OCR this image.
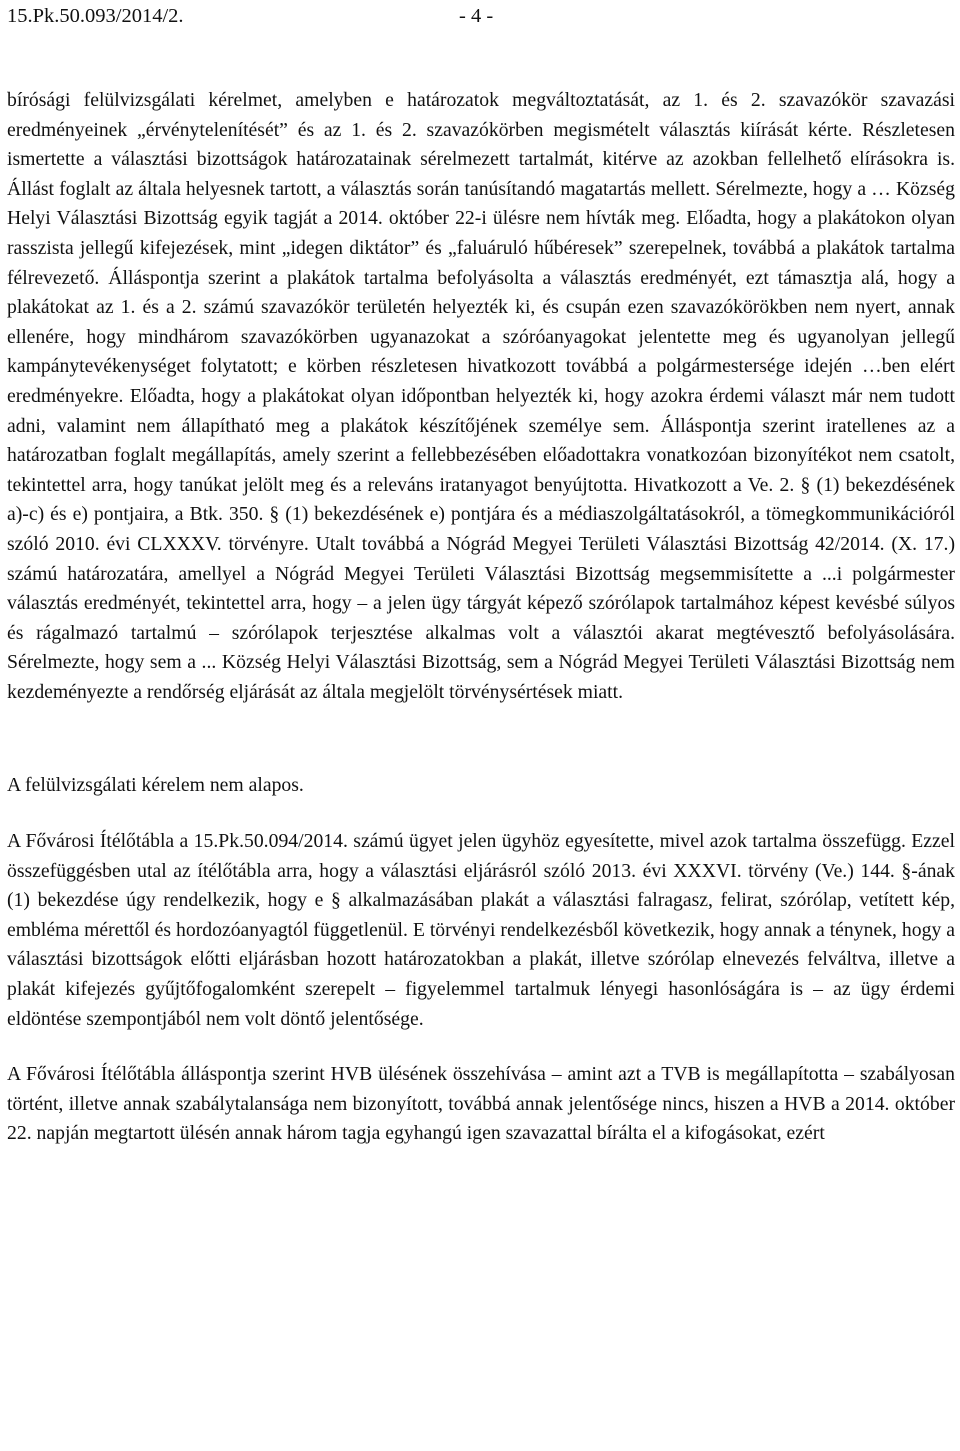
15.Pk.50.093/2014/2.	- 4 -

bírósági felülvizsgálati kérelmet, amelyben e határozatok megváltoztatását, az 1. és 2. szavazókör szavazási eredményeinek „érvénytelenítését” és az 1. és 2. szavazókörben megismételt választás kiírását kérte. Részletesen ismertette a választási bizottságok határozatainak sérelmezett tartalmát, kitérve az azokban fellelhető elírásokra is. Állást foglalt az általa helyesnek tartott, a választás során tanúsítandó magatartás mellett. Sérelmezte, hogy a … Község Helyi Választási Bizottság egyik tagját a 2014. október 22-i ülésre nem hívták meg. Előadta, hogy a plakátokon olyan rasszista jellegű kifejezések, mint „idegen diktátor” és „faluáruló hűbéresek” szerepelnek, továbbá a plakátok tartalma félrevezető. Álláspontja szerint a plakátok tartalma befolyásolta a választás eredményét, ezt támasztja alá, hogy a plakátokat az 1. és a 2. számú szavazókör területén helyezték ki, és csupán ezen szavazókörökben nem nyert, annak ellenére, hogy mindhárom szavazókörben ugyanazokat a szóróanyagokat jelentette meg és ugyanolyan jellegű kampánytevékenységet folytatott; e körben részletesen hivatkozott továbbá a polgármestersége idején …ben elért eredményekre. Előadta, hogy a plakátokat olyan időpontban helyezték ki, hogy azokra érdemi választ már nem tudott adni, valamint nem állapítható meg a plakátok készítőjének személye sem. Álláspontja szerint iratellenes az a határozatban foglalt megállapítás, amely szerint a fellebbezésében előadottakra vonatkozóan bizonyítékot nem csatolt, tekintettel arra, hogy tanúkat jelölt meg és a releváns iratanyagot benyújtotta. Hivatkozott a Ve. 2. § (1) bekezdésének a)-c) és e) pontjaira, a Btk. 350. § (1) bekezdésének e) pontjára és a médiaszolgáltatásokról, a tömegkommunikációról szóló 2010. évi CLXXXV. törvényre. Utalt továbbá a Nógrád Megyei Területi Választási Bizottság 42/2014. (X. 17.) számú határozatára, amellyel a Nógrád Megyei Területi Választási Bizottság megsemmisítette a ...i polgármester választás eredményét, tekintettel arra, hogy – a jelen ügy tárgyát képező szórólapok tartalmához képest kevésbé súlyos és rágalmazó tartalmú – szórólapok terjesztése alkalmas volt a választói akarat megtévesztő befolyásolására. Sérelmezte, hogy sem a ... Község Helyi Választási Bizottság, sem a Nógrád Megyei Területi Választási Bizottság nem kezdeményezte a rendőrség eljárását az általa megjelölt törvénysértések miatt.

A felülvizsgálati kérelem nem alapos.

A Fővárosi Ítélőtábla a 15.Pk.50.094/2014. számú ügyet jelen ügyhöz egyesítette, mivel azok tartalma összefügg. Ezzel összefüggésben utal az ítélőtábla arra, hogy a választási eljárásról szóló 2013. évi XXXVI. törvény (Ve.) 144. §-ának (1) bekezdése úgy rendelkezik, hogy e § alkalmazásában plakát a választási falragasz, felirat, szórólap, vetített kép, embléma mérettől és hordozóanyagtól függetlenül. E törvényi rendelkezésből következik, hogy annak a ténynek, hogy a választási bizottságok előtti eljárásban hozott határozatokban a plakát, illetve szórólap elnevezés felváltva, illetve a plakát kifejezés gyűjtőfogalomként szerepelt – figyelemmel tartalmuk lényegi hasonlóságára is – az ügy érdemi eldöntése szempontjából nem volt döntő jelentősége.

A Fővárosi Ítélőtábla álláspontja szerint HVB ülésének összehívása – amint azt a TVB is megállapította – szabályosan történt, illetve annak szabálytalansága nem bizonyított, továbbá annak jelentősége nincs, hiszen a HVB a 2014. október 22. napján megtartott ülésén annak három tagja egyhangú igen szavazattal bírálta el a kifogásokat, ezért
